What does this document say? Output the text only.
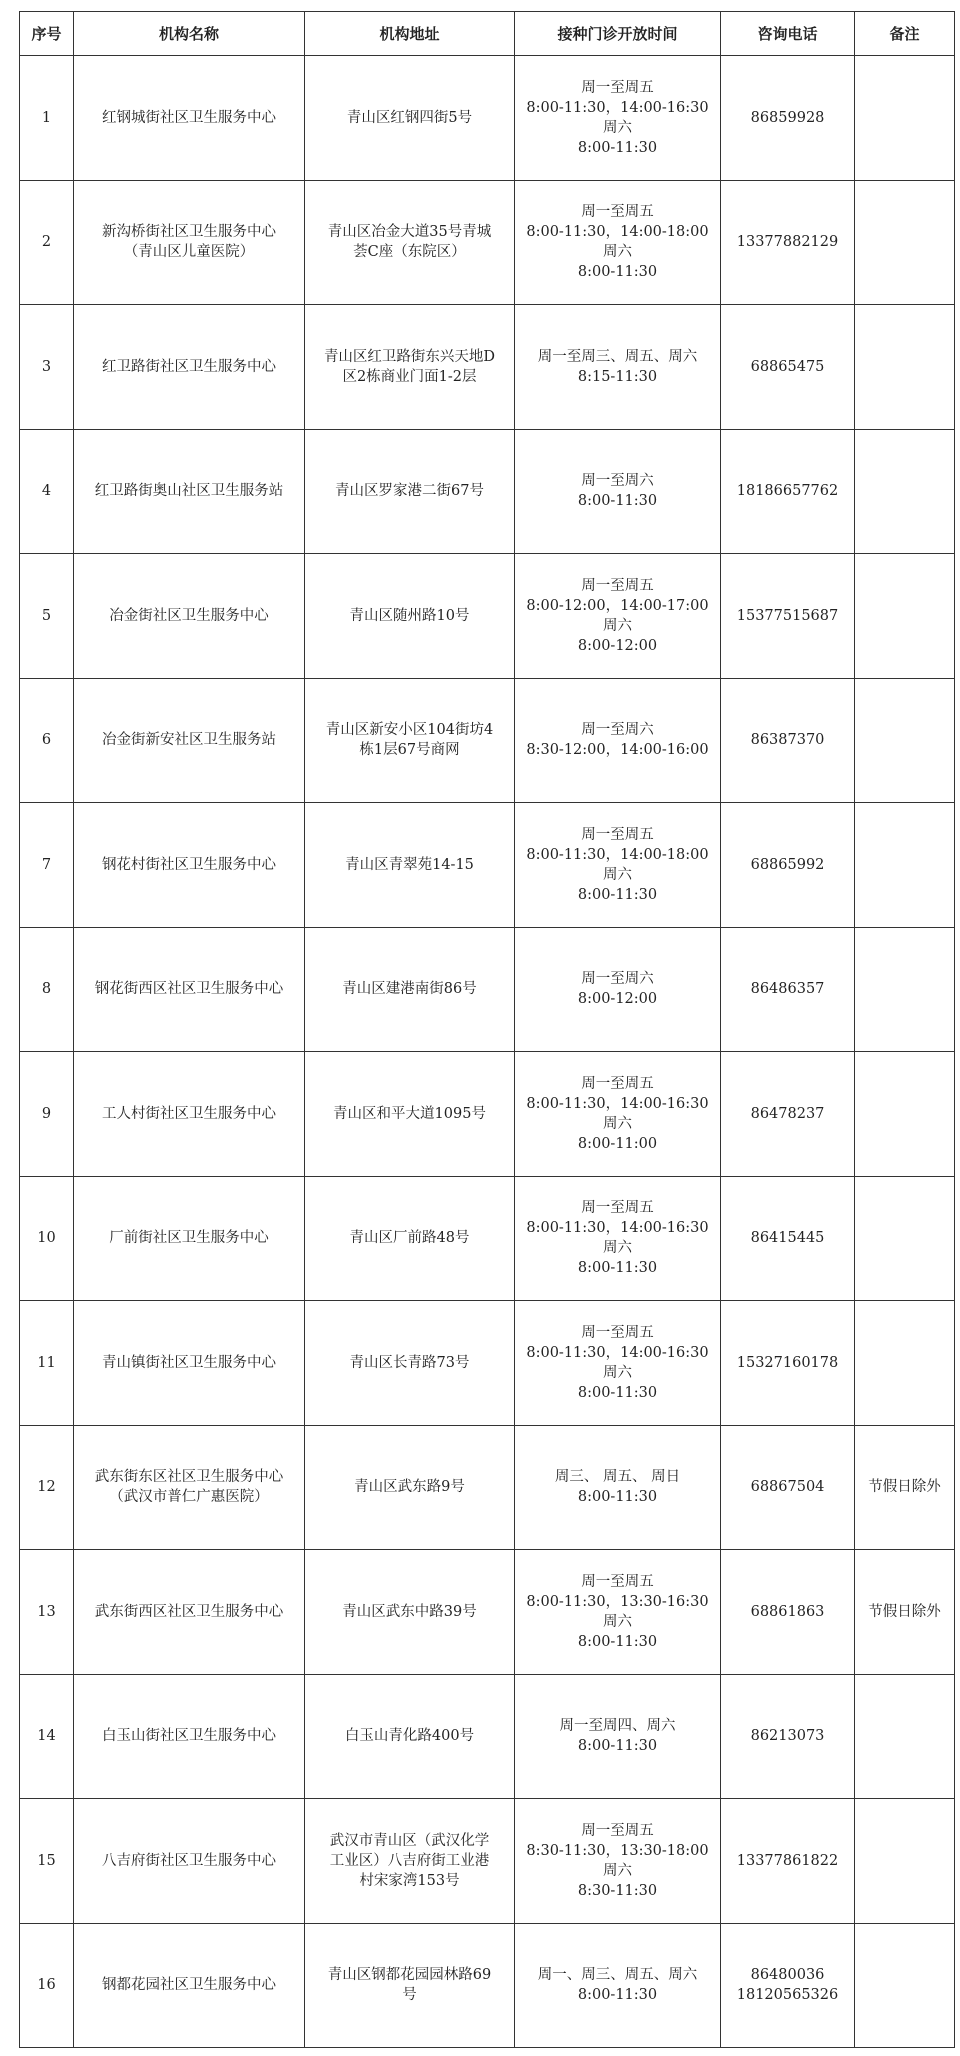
序号	机构名称	机构地址	接种门诊开放时间	咨询电话	备注
1	红钢城街社区卫生服务中心	青山区红钢四街5号	周一至周五
8:00-11:30，14:00-16:30
周六
8:00-11:30	86859928	

2	新沟桥街社区卫生服务中心
（青山区儿童医院）	青山区冶金大道35号青城
荟C座（东院区）	周一至周五
8:00-11:30，14:00-18:00
周六
8:00-11:30	13377882129	

3	红卫路街社区卫生服务中心	青山区红卫路街东兴天地D
区2栋商业门面1-2层	周一至周三、周五、周六
8:15-11:30	68865475	

4	红卫路街奥山社区卫生服务站	青山区罗家港二街67号	周一至周六
8:00-11:30	18186657762	

5	冶金街社区卫生服务中心	青山区随州路10号	周一至周五
8:00-12:00，14:00-17:00
周六
8:00-12:00	15377515687	

6	冶金街新安社区卫生服务站	青山区新安小区104街坊4
栋1层67号商网	周一至周六
8:30-12:00，14:00-16:00	86387370	

7	钢花村街社区卫生服务中心	青山区青翠苑14-15	周一至周五
8:00-11:30，14:00-18:00
周六
8:00-11:30	68865992	

8	钢花街西区社区卫生服务中心	青山区建港南街86号	周一至周六
8:00-12:00	86486357	

9	工人村街社区卫生服务中心	青山区和平大道1095号	周一至周五
8:00-11:30，14:00-16:30
周六
8:00-11:00	86478237	

10	厂前街社区卫生服务中心	青山区厂前路48号	周一至周五
8:00-11:30，14:00-16:30
周六
8:00-11:30	86415445	

11	青山镇街社区卫生服务中心	青山区长青路73号	周一至周五
8:00-11:30，14:00-16:30
周六
8:00-11:30	15327160178	

12	武东街东区社区卫生服务中心
（武汉市普仁广惠医院）	青山区武东路9号	周三、 周五、 周日
8:00-11:30	68867504	节假日除外
13	武东街西区社区卫生服务中心	青山区武东中路39号	周一至周五
8:00-11:30，13:30-16:30
周六
8:00-11:30	68861863	节假日除外
14	白玉山街社区卫生服务中心	白玉山青化路400号	周一至周四、周六
8:00-11:30	86213073	

15	八吉府街社区卫生服务中心	武汉市青山区（武汉化学
工业区）八吉府街工业港
村宋家湾153号	周一至周五
8:30-11:30，13:30-18:00
周六
8:30-11:30	13377861822	

16	钢都花园社区卫生服务中心	青山区钢都花园园林路69
号	周一、周三、周五、周六
8:00-11:30	86480036
18120565326	
